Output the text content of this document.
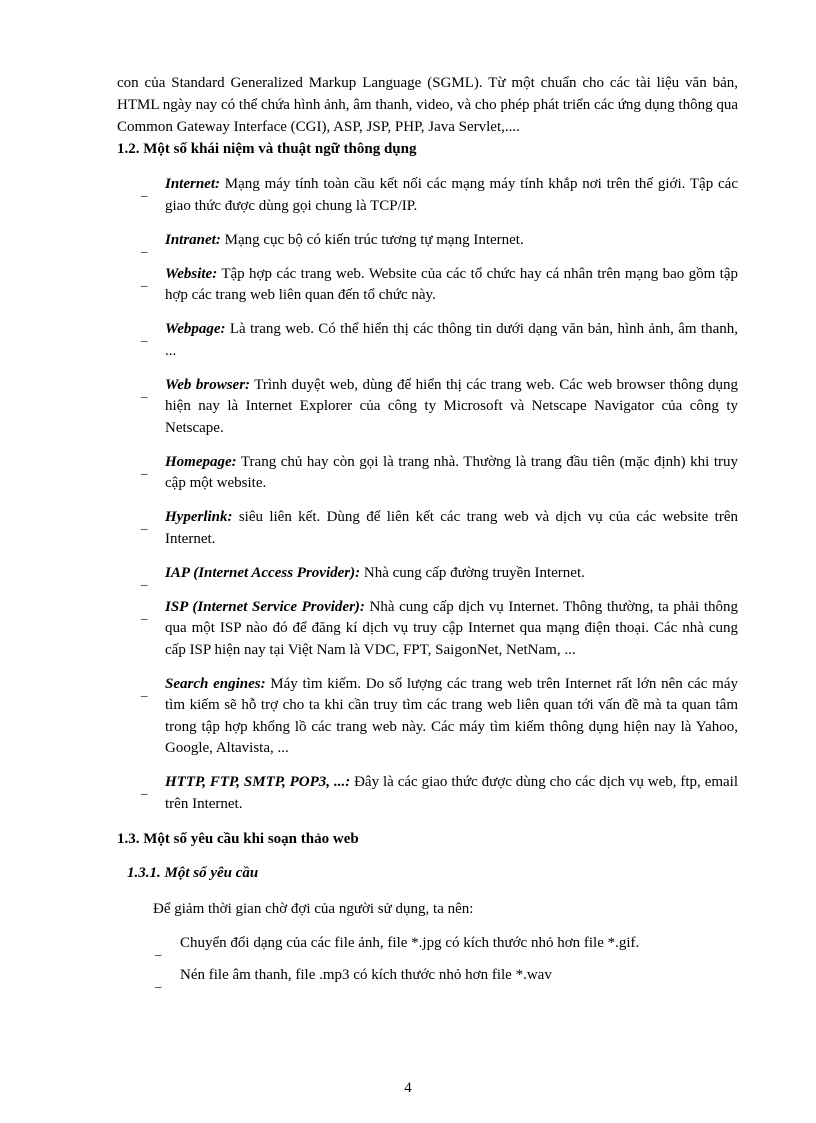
con của Standard Generalized Markup Language (SGML). Từ một chuẩn cho các tài liệu văn bản, HTML ngày nay có thể chứa hình ảnh, âm thanh, video, và cho phép phát triển các ứng dụng thông qua Common Gateway Interface (CGI), ASP, JSP, PHP, Java Servlet,....

1.2. Một số khái niệm và thuật ngữ thông dụng
_ Internet: Mạng máy tính toàn cầu kết nối các mạng máy tính khắp nơi trên thế giới. Tập các giao thức được dùng gọi chung là TCP/IP.
_ Intranet: Mạng cục bộ có kiến trúc tương tự mạng Internet.
_ Website: Tập hợp các trang web. Website của các tổ chức hay cá nhân trên mạng bao gồm tập hợp các trang web liên quan đến tổ chức này.
_ Webpage: Là trang web. Có thể hiển thị các thông tin dưới dạng văn bản, hình ảnh, âm thanh, ...
_ Web browser: Trình duyệt web, dùng để hiển thị các trang web. Các web browser thông dụng hiện nay là Internet Explorer của công ty Microsoft và Netscape Navigator của công ty Netscape.
_ Homepage: Trang chủ hay còn gọi là trang nhà. Thường là trang đầu tiên (mặc định) khi truy cập một website.
_ Hyperlink: siêu liên kết. Dùng để liên kết các trang web và dịch vụ của các website trên Internet.
_ IAP (Internet Access Provider): Nhà cung cấp đường truyền Internet.
_ ISP (Internet Service Provider): Nhà cung cấp dịch vụ Internet. Thông thường, ta phải thông qua một ISP nào đó để đăng kí dịch vụ truy cập Internet qua mạng điện thoại. Các nhà cung cấp ISP hiện nay tại Việt Nam là VDC, FPT, SaigonNet, NetNam, ...
_ Search engines: Máy tìm kiếm. Do số lượng các trang web trên Internet rất lớn nên các máy tìm kiếm sẽ hỗ trợ cho ta khi cần truy tìm các trang web liên quan tới vấn đề mà ta quan tâm trong tập hợp khổng lồ các trang web này. Các máy tìm kiếm thông dụng hiện nay là Yahoo, Google, Altavista, ...
_ HTTP, FTP, SMTP, POP3, ...: Đây là các giao thức được dùng cho các dịch vụ web, ftp, email trên Internet.
1.3. Một số yêu cầu khi soạn thảo web
1.3.1. Một số yêu cầu

Để giảm thời gian chờ đợi của người sử dụng, ta nên:

_ Chuyển đổi dạng của các file ảnh, file *.jpg có kích thước nhỏ hơn file *.gif.
_ Nén file âm thanh, file .mp3 có kích thước nhỏ hơn file *.wav
4
